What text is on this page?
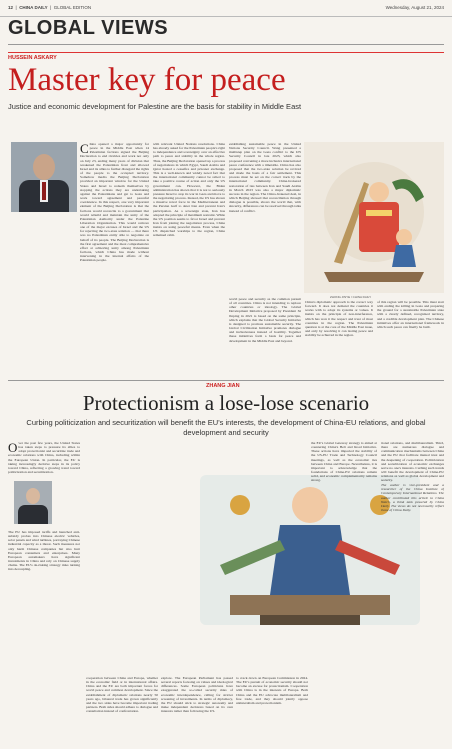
12  |  CHINA DAILY  |  GLOBAL EDITION	Wednesday, August 21, 2024
GLOBAL VIEWS
HUSSEIN ASKARY
Master key for peace
Justice and economic development for Palestine are the basis for stability in Middle East

China opened a major opportunity for peace in the Middle East when 14 Palestinian factions signed the Beijing Declaration to end rivalries and work not only on July 23, ending many years of division that weakened the Palestinian front and allowed Israel and its allies to further disregard the rights of the people to the occupied territory. Somehow media the Beijing Declaration provided an important window for the United States and Israel to redeem themselves by stopping the actions they are undertaking against the Palestinians and get to Gaza and work toward agreement and peaceful coexistence. In this respect, one very important element of the Beijing Declaration is that the factions would reconcile to a government that would rebuild and maintain the unity of the Palestinian Authority under the Palestine Liberation Organization. This would remove one of the major excuses of Israel and the US for rejecting the two-state solution — that there was no Palestinian entity able to negotiate on behalf of its people. The Beijing Declaration is the first agreement and the most comprehensive effort at achieving unity among Palestinian factions, which China has made without intervening in the internal affairs of the Palestinian people.

with relevant United Nations resolutions. China has already asked for the Palestinian people's right to independence and sovereignty over an effective path to peace and stability in the whole region. Thus, the Beijing Declaration opened up a process of negotiations in which Egypt, Saudi Arabia and Qatar hosted a ceasefire and prisoner exchange. This is a well-known and widely noted fact that the international community cannot be relied to take a positive course of action and only the US government can. However, the Biden administration has shown that it is not to seriously pressure Israel to stop its war in Gaza and move to the negotiating process. Instead, the US has shown a massive naval force in the Mediterranean and the Persian Gulf to deter Iran and prevent Iran's participation. As a sovereign state, Iran has adopted the principle of maximum restraint. While the US position seems to favor Israel and prevent Iran from joining the negotiation process, China insists on using peaceful means. Even when the US dispatched warships to the region, China remained calm.

establishing sustainable peace in the United Nations Security Council. Wang presented a multistep plan on the Gaza conflict to the UN Security Council in late 2023, which also proposed convening a more inclusive international peace conference with a timetable. China has also proposed that the two-state solution be revived and made the basis of a fair settlement. This process must be set on the correct track by the international community. China-brokered restoration of ties between Iran and Saudi Arabia in March 2023 was also a major diplomatic success in the region. The China-brokered deal, in which Beijing showed that reconciliation through dialogue is possible, shows the world that, with sincerity, differences can be resolved through talks instead of conflict.

ZHONG JINYE / CHINA DAILY

world peace and security as the common pursuit of all countries. China is not intending to replace other countries or ideology. The Global Development Initiative proposed by President Xi Jinping in 2021 is based on the same principle, which explains that the Global Security Initiative is designed to promote sustainable security. The Global Civilization Initiative promotes dialogue and inclusiveness instead of hostility. Together these initiatives form a basis for peace and development in the Middle East and beyond.

China's diplomatic approach is the correct way forward. It does not demand the countries it works with to adopt its systems or values. It insists on the principle of non-interference, which has won it the respect and trust of most countries in the region. The Palestinian question is at the core of the Middle East issue, and only by resolving it can lasting peace and stability be achieved in the region.

of this region will be possible. This must start with ending the killing in Gaza and preparing the ground for a sustainable Palestinian state with a clearly defined, recognized territory, and a credible development plan. The Chinese initiatives offer an international framework in which such peace can finally be built.

ZHANG JIAN
Protectionism a lose-lose scenario
Curbing politicization and securitization will benefit the EU's interests, the development of China-EU relations, and global development and security

Over the past few years, the United States has taken steps to pressure its allies to adopt protectionist and securitize trade and economic relations with China, including within the European Union. In particular, the EU is taking increasingly decisive steps in its policy toward China, reflecting a growing trend toward politicization and securitization.

The EU has imposed tariffs and launched anti-subsidy probes into Chinese electric vehicles, solar panels and wind turbines, portraying Chinese industrial capacity as a threat. Such measures not only harm Chinese companies but also hurt European consumers and enterprises. Many European automakers have significant investments in China and rely on Chinese supply chains. The EU's de-risking strategy risks turning into decoupling.

cooperation between China and Europe, whether in the economic field or in international affairs. China and the EU are both important forces for world peace and common development. Since the establishment of diplomatic relations nearly 50 years ago, bilateral trade has grown significantly and the two sides have become important trading partners. Both sides should adhere to dialogue and consultation instead of confrontation.

explore. The European Parliament has passed several reports focusing on values and ideological differences. Some European politicians have exaggerated the so-called security risks of economic interdependence, calling for stricter screening of investments. In terms of diplomacy, the EU should stick to strategic autonomy and make independent decisions based on its own interests rather than following the US.

to crack down on European Commission in 2024. The EU's pursuit of economic security should not become an excuse for protectionism. Cooperation with China is in the interests of Europe. Both China and the EU advocate multilateralism and free trade, and they should jointly oppose unilateralism and protectionism.

the EU's Global Gateway strategy is aimed at countering China's Belt and Road Initiative. These actions have impacted the stability of the US-EU Trade and Technology Council meetings, as well as the economic ties between China and Europe. Nevertheless, it is important to acknowledge that the foundations of China-EU relations remain solid, and economic complementarity remains strong.

tional relations, and multilateralism. Third, there are numerous dialogue and communication mechanisms between China and the EU that facilitate mutual trust and the deepening of cooperation. Politicization and securitization of economic exchanges serve no one's interests. Curbing such trends will benefit the development of China-EU relations as well as global development and security.

The author is vice-president and a researcher of the China Institute of Contemporary International Relations. The author contributed this article to China Watch, a think tank powered by China Daily. The views do not necessarily reflect those of China Daily.
